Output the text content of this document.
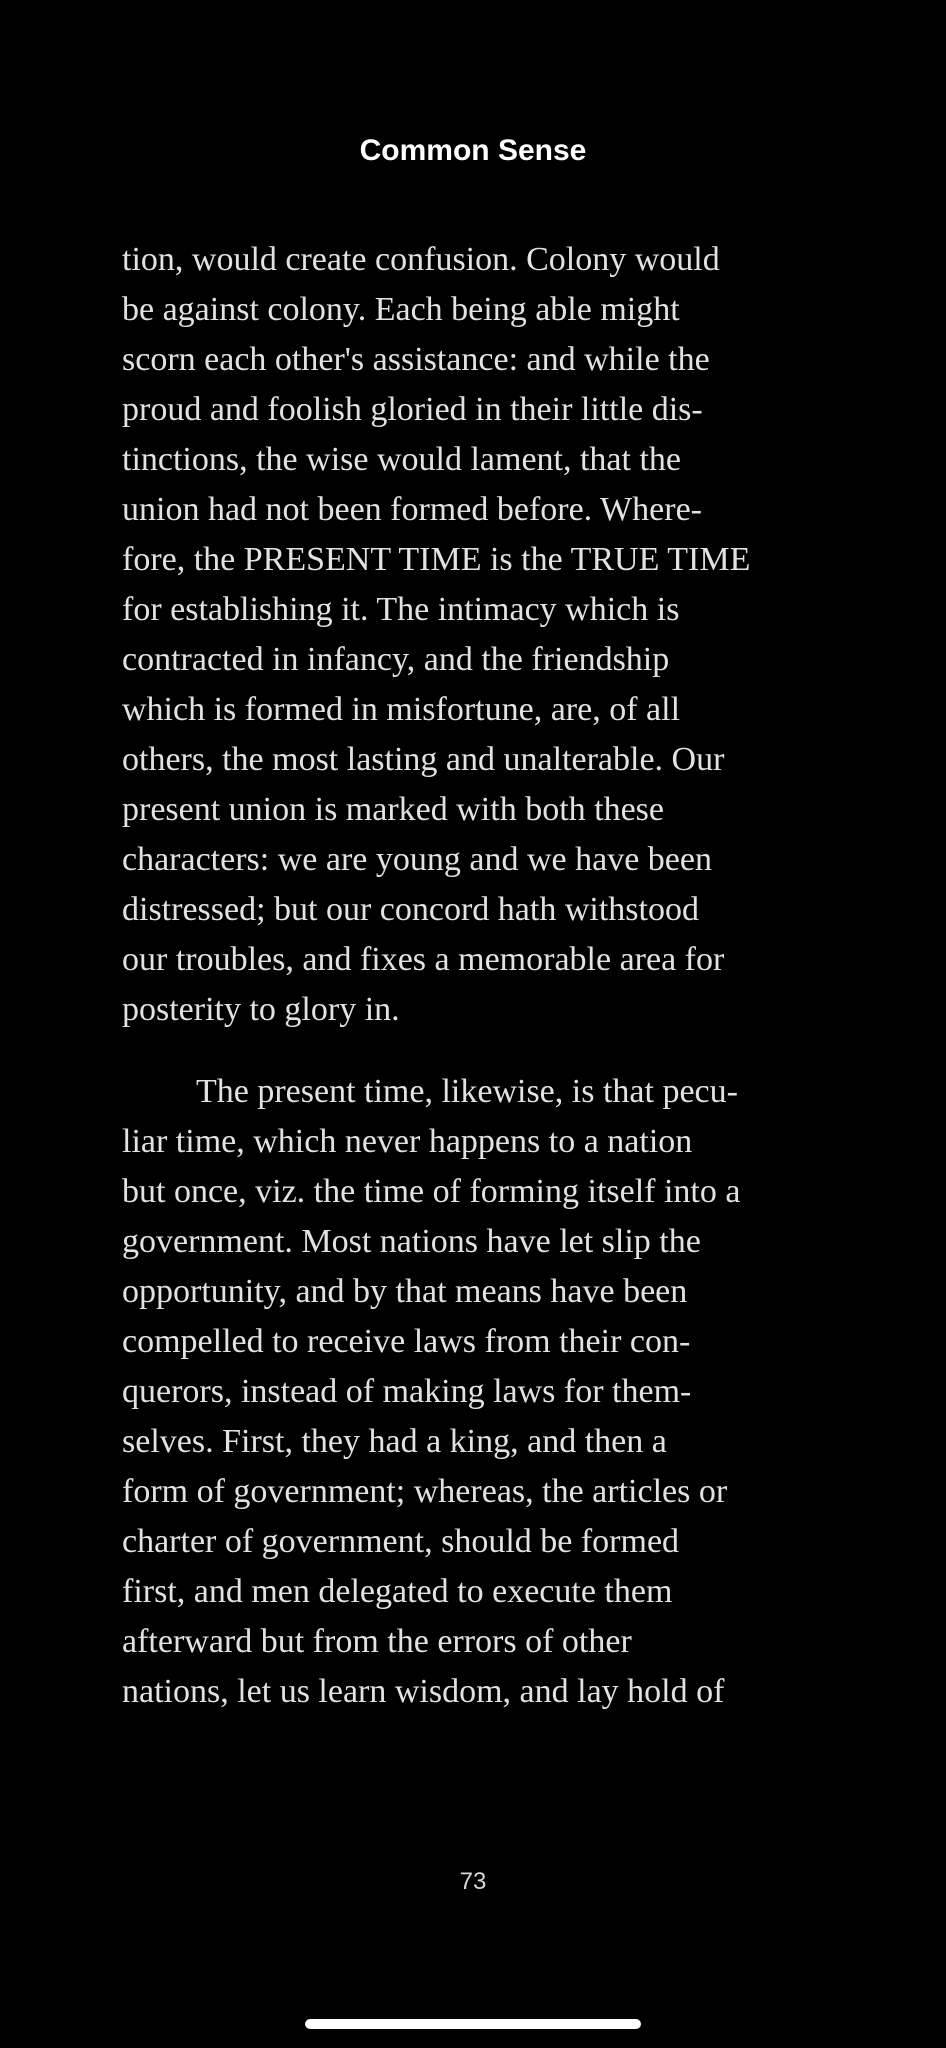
Common Sense
tion, would create confusion. Colony would
be against colony. Each being able might
scorn each other's assistance: and while the
proud and foolish gloried in their little dis-
tinctions, the wise would lament, that the
union had not been formed before. Where-
fore, the PRESENT TIME is the TRUE TIME
for establishing it. The intimacy which is
contracted in infancy, and the friendship
which is formed in misfortune, are, of all
others, the most lasting and unalterable. Our
present union is marked with both these
characters: we are young and we have been
distressed; but our concord hath withstood
our troubles, and fixes a memorable area for
posterity to glory in.
The present time, likewise, is that pecu-
liar time, which never happens to a nation
but once, viz. the time of forming itself into a
government. Most nations have let slip the
opportunity, and by that means have been
compelled to receive laws from their con-
querors, instead of making laws for them-
selves. First, they had a king, and then a
form of government; whereas, the articles or
charter of government, should be formed
first, and men delegated to execute them
afterward but from the errors of other
nations, let us learn wisdom, and lay hold of
73
